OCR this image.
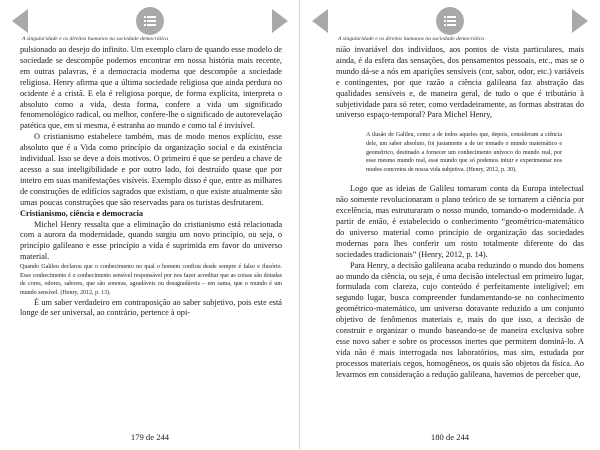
A singularidade e os direitos humanos na sociedade democrática

pulsionado ao desejo do infinito. Um exemplo claro de quando esse modelo de sociedade se descompõe podemos encontrar em nossa história mais recente, em outras palavras, é a democracia moderna que descompõe a sociedade religiosa. Henry afirma que a última sociedade religiosa que ainda perdura no ocidente é a cristã. E ela é religiosa porque, de forma explícita, interpreta o absoluto como a vida, desta forma, confere a vida um significado fenomenológico radical, ou melhor, confere-lhe o significado de autorevelação patética que, em si mesma, é estranha ao mundo e como tal é invisível.

O cristianismo estabelece também, mas de modo menos explícito, esse absoluto que é a Vida como princípio da organização social e da existência individual. Isso se deve a dois motivos. O primeiro é que se perdeu a chave de acesso a sua inteligibilidade e por outro lado, foi destruído quase que por inteiro em suas manifestações visíveis. Exemplo disso é que, entre as milhares de construções de edifícios sagrados que existiam, o que existe atualmente são umas poucas construções que são reservadas para os turistas desfrutarem.

Cristianismo, ciência e democracia

Michel Henry ressalta que a eliminação do cristianismo está relacionada com a aurora da modernidade, quando surgiu um novo princípio, ou seja, o princípio galileano e esse princípio a vida é suprimida em favor do universo material.

Quando Galileu declarou que o conhecimento no qual o homem confiou desde sempre é falso e ilusório. Esse conhecimento é o conhecimento sensível responsável por nos fazer acreditar que as coisas são dotadas de cores, odores, sabores, que são sonoras, agradáveis ou desagradáveis – em suma, que o mundo é um mundo sensível. (Henry, 2012, p. 13).

É um saber verdadeiro em contraposição ao saber subjetivo, pois este está longe de ser universal, ao contrário, pertence à opi-

179 de 244
A singularidade e os direitos humanos na sociedade democrática

nião invariável dos indivíduos, aos pontos de vista particulares, mais ainda, é da esfera das sensações, dos pensamentos pessoais, etc., mas se o mundo dá-se a nós em aparições sensíveis (cor, sabor, odor, etc.) variáveis e contingentes, por que razão a ciência galileana faz abstração das qualidades sensíveis e, de maneira geral, de tudo o que é tributário à subjetividade para só reter, como verdadeiramente, as formas abstratas do universo espaço-temporal? Para Michel Henry,

A ilusão de Galileu, como a de todos aqueles que, depois, consideram a ciência dele, um saber absoluto, foi justamente a de ter tomado o mundo matemático e geométrico, destinado a fornecer um conhecimento unívoco do mundo real, por esse mesmo mundo real, esse mundo que só podemos intuir e experimentar nos modos concretos de nossa vida subjetiva. (Henry, 2012, p. 30).

Logo que as ideias de Galileu tomaram conta da Europa intelectual não somente revolucionaram o plano teórico de se tornarem a ciência por excelência, mas estruturaram o nosso mundo, tornando-o modernidade. A partir de então, é estabelecido o conhecimento “geométrico-matemático do universo material como princípio de organização das sociedades modernas para lhes conferir um rosto totalmente diferente do das sociedades tradicionais” (Henry, 2012, p. 14).

Para Henry, a decisão galileana acaba reduzindo o mundo dos homens ao mundo da ciência, ou seja, é uma decisão intelectual em primeiro lugar, formulada com clareza, cujo conteúdo é perfeitamente inteligível; em segundo lugar, busca compreender fundamentando-se no conhecimento geométrico-matemático, um universo doravante reduzido a um conjunto objetivo de fenômenos materiais e, mais do que isso, a decisão de construir e organizar o mundo baseando-se de maneira exclusiva sobre esse novo saber e sobre os processos inertes que permitem dominá-lo. A vida não é mais interrogada nos laboratórios, mas sim, estudada por processos materiais cegos, homogêneos, os quais são objetos da física. Ao levarmos em consideração a redução galileana, havemos de perceber que,

180 de 244
